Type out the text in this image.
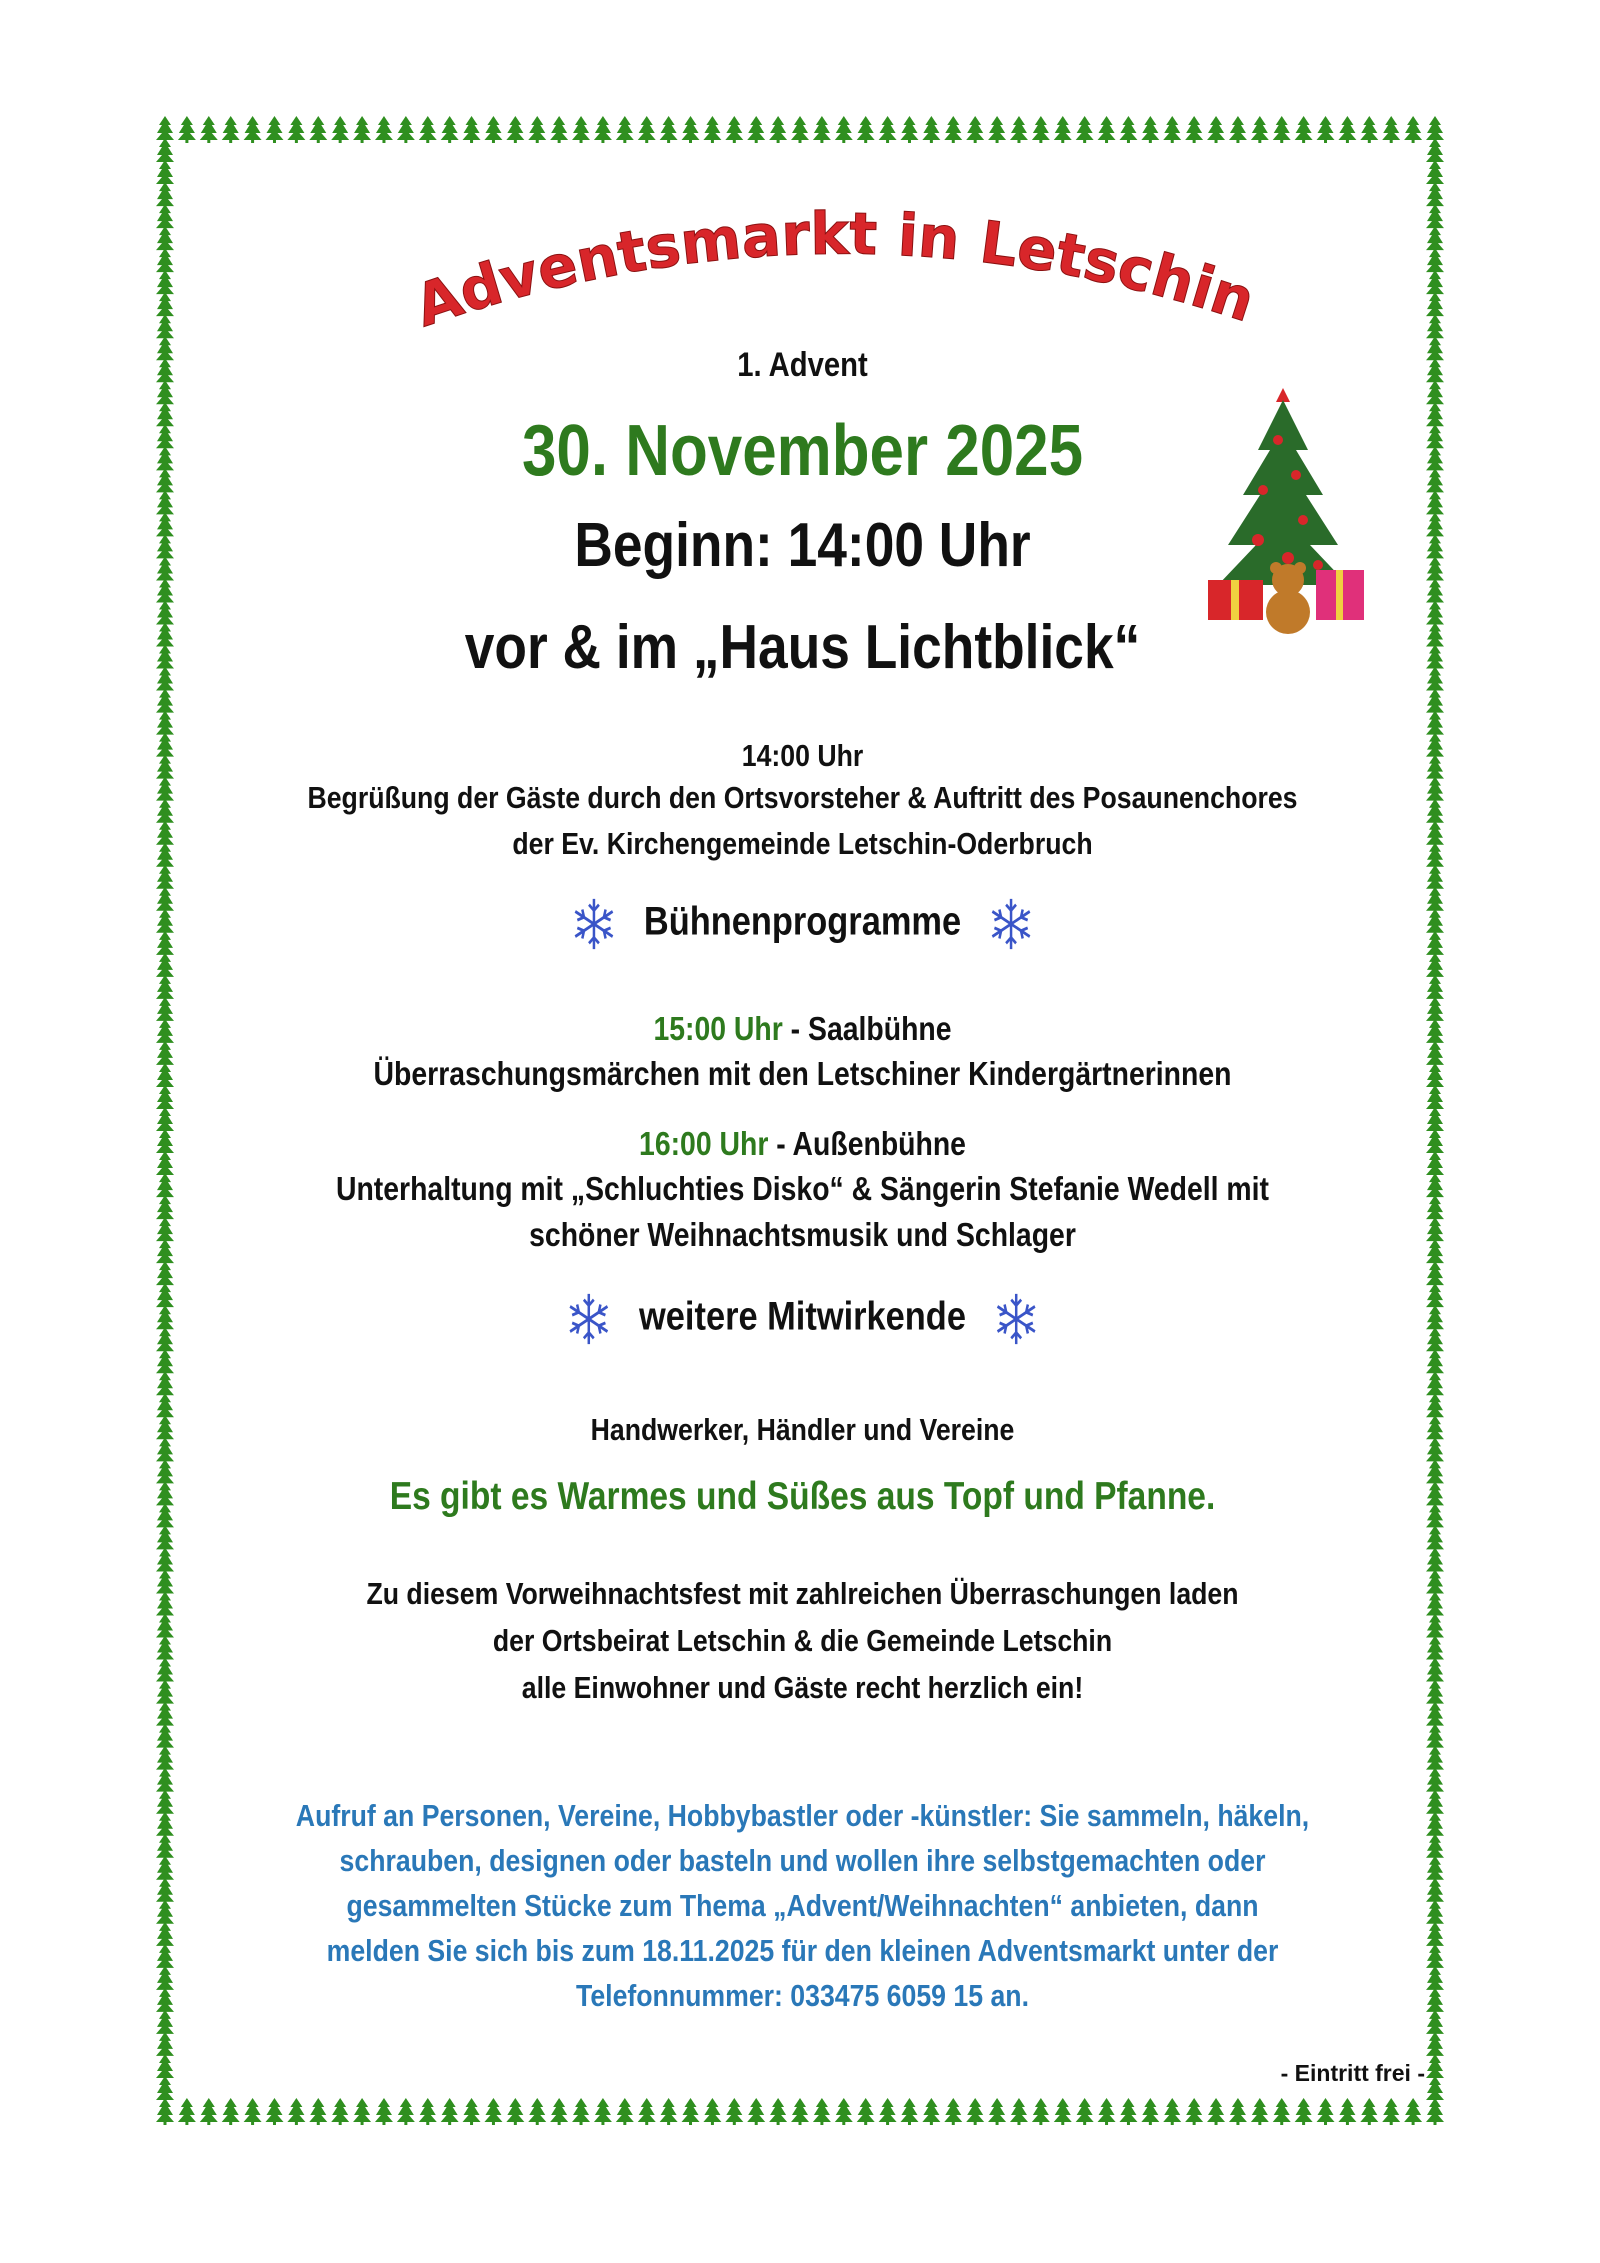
Adventsmarkt in Letschin
1. Advent
30. November 2025
Beginn: 14:00 Uhr
vor & im „Haus Lichtblick“
14:00 Uhr
Begrüßung der Gäste durch den Ortsvorsteher & Auftritt des Posaunenchores
der Ev. Kirchengemeinde Letschin-Oderbruch
Bühnenprogramme
15:00 Uhr - Saalbühne
Überraschungsmärchen mit den Letschiner Kindergärtnerinnen
16:00 Uhr - Außenbühne
Unterhaltung mit „Schluchties Disko“ & Sängerin Stefanie Wedell mit
schöner Weihnachtsmusik und Schlager
weitere Mitwirkende
Handwerker, Händler und Vereine
Es gibt es Warmes und Süßes aus Topf und Pfanne.
Zu diesem Vorweihnachtsfest mit zahlreichen Überraschungen laden
der Ortsbeirat Letschin & die Gemeinde Letschin
alle Einwohner und Gäste recht herzlich ein!
Aufruf an Personen, Vereine, Hobbybastler oder -künstler: Sie sammeln, häkeln,
schrauben, designen oder basteln und wollen ihre selbstgemachten oder
gesammelten Stücke zum Thema „Advent/Weihnachten“ anbieten, dann
melden Sie sich bis zum 18.11.2025 für den kleinen Adventsmarkt unter der
Telefonnummer: 033475 6059 15 an.
- Eintritt frei -
